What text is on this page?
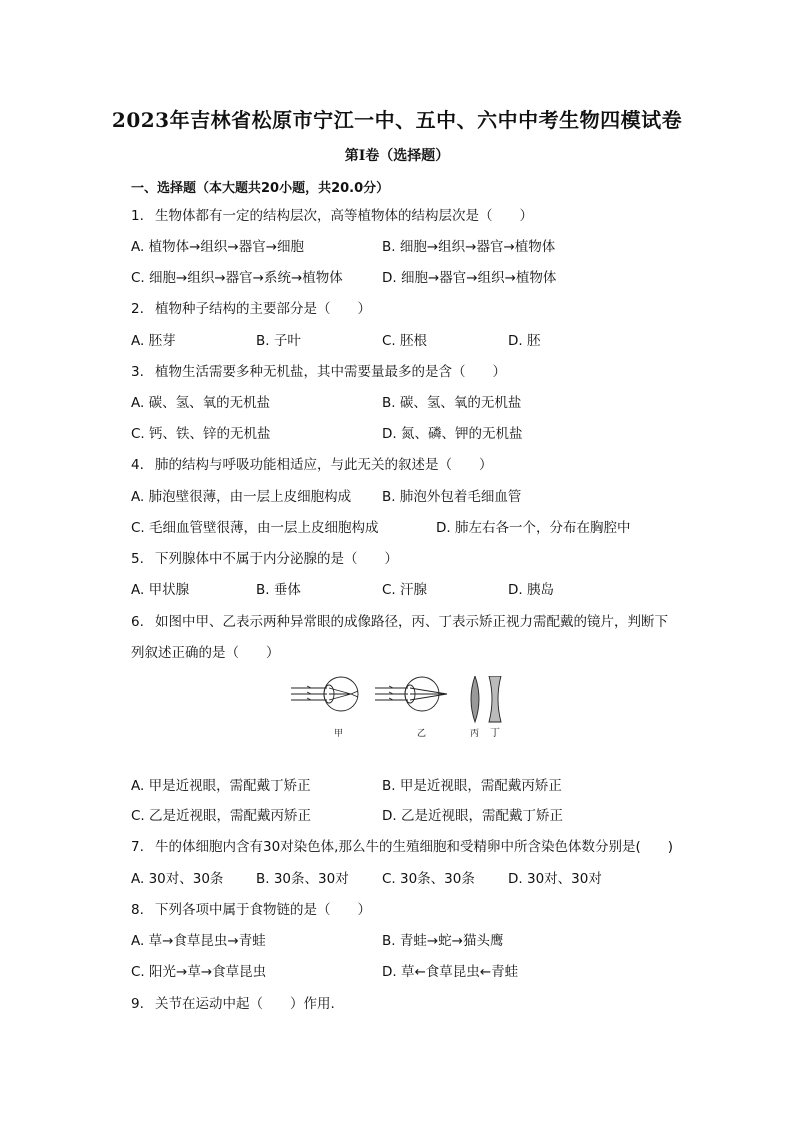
2023年吉林省松原市宁江一中、五中、六中中考生物四模试卷
第I卷（选择题）
一、选择题（本大题共20小题，共20.0分）
1. 生物体都有一定的结构层次，高等植物体的结构层次是（　　）
A. 植物体→组织→器官→细胞	B. 细胞→组织→器官→植物体
C. 细胞→组织→器官→系统→植物体	D. 细胞→器官→组织→植物体
2. 植物种子结构的主要部分是（　　）
A. 胚芽	B. 子叶	C. 胚根	D. 胚
3. 植物生活需要多种无机盐，其中需要量最多的是含（　　）
A. 碳、氢、氧的无机盐	B. 碳、氢、氧的无机盐
C. 钙、铁、锌的无机盐	D. 氮、磷、钾的无机盐
4. 肺的结构与呼吸功能相适应，与此无关的叙述是（　　）
A. 肺泡壁很薄，由一层上皮细胞构成 B. 肺泡外包着毛细血管
C. 毛细血管壁很薄，由一层上皮细胞构成	D. 肺左右各一个，分布在胸腔中
5. 下列腺体中不属于内分泌腺的是（　　）
A. 甲状腺	B. 垂体	C. 汗腺	D. 胰岛
6. 如图中甲、乙表示两种异常眼的成像路径，丙、丁表示矫正视力需配戴的镜片，判断下
列叙述正确的是（　　）
甲	乙	丙 丁
A. 甲是近视眼，需配戴丁矫正	B. 甲是近视眼，需配戴丙矫正
C. 乙是近视眼，需配戴丙矫正	D. 乙是近视眼，需配戴丁矫正
7. 牛的体细胞内含有30对染色体,那么牛的生殖细胞和受精卵中所含染色体数分别是(　　)
A. 30对、30条 B. 30条、30对 C. 30条、30条 D. 30对、30对
8. 下列各项中属于食物链的是（　　）
A. 草→食草昆虫→青蛙	B. 青蛙→蛇→猫头鹰
C. 阳光→草→食草昆虫	D. 草←食草昆虫←青蛙
9. 关节在运动中起（　　）作用.
